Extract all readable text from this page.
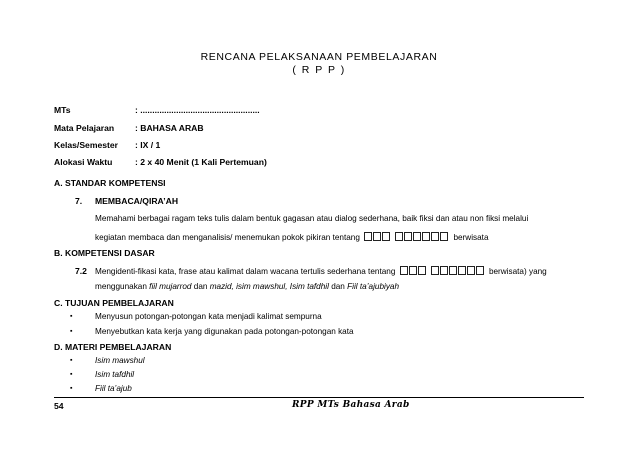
RENCANA PELAKSANAAN PEMBELAJARAN
( R P P )
MTs	: ..................................................
Mata Pelajaran : BAHASA ARAB
Kelas/Semester : IX / 1
Alokasi Waktu	: 2 x 40 Menit (1 Kali Pertemuan)
A. STANDAR KOMPETENSI
7. MEMBACA/QIRA’AH
Memahami berbagai ragam teks tulis dalam bentuk gagasan atau dialog sederhana, baik fiksi dan atau non fiksi melalui
kegiatan membaca dan menganalisis/ menemukan pokok pikiran tentang	berwisata
B. KOMPETENSI DASAR
7.2 Mengidenti-fikasi kata, frase atau kalimat dalam wacana tertulis sederhana tentang	berwisata) yang
menggunakan fiil mujarrod dan mazid, isim mawshul, Isim tafdhil dan Fiil ta’ajubiyah
C. TUJUAN PEMBELAJARAN
▪	Menyusun potongan-potongan kata menjadi kalimat sempurna
▪	Menyebutkan kata kerja yang digunakan pada potongan-potongan kata
D. MATERI PEMBELAJARAN
▪	Isim mawshul
▪	Isim tafdhil
▪	Fiil ta’ajub
54	RPP MTs Bahasa Arab
